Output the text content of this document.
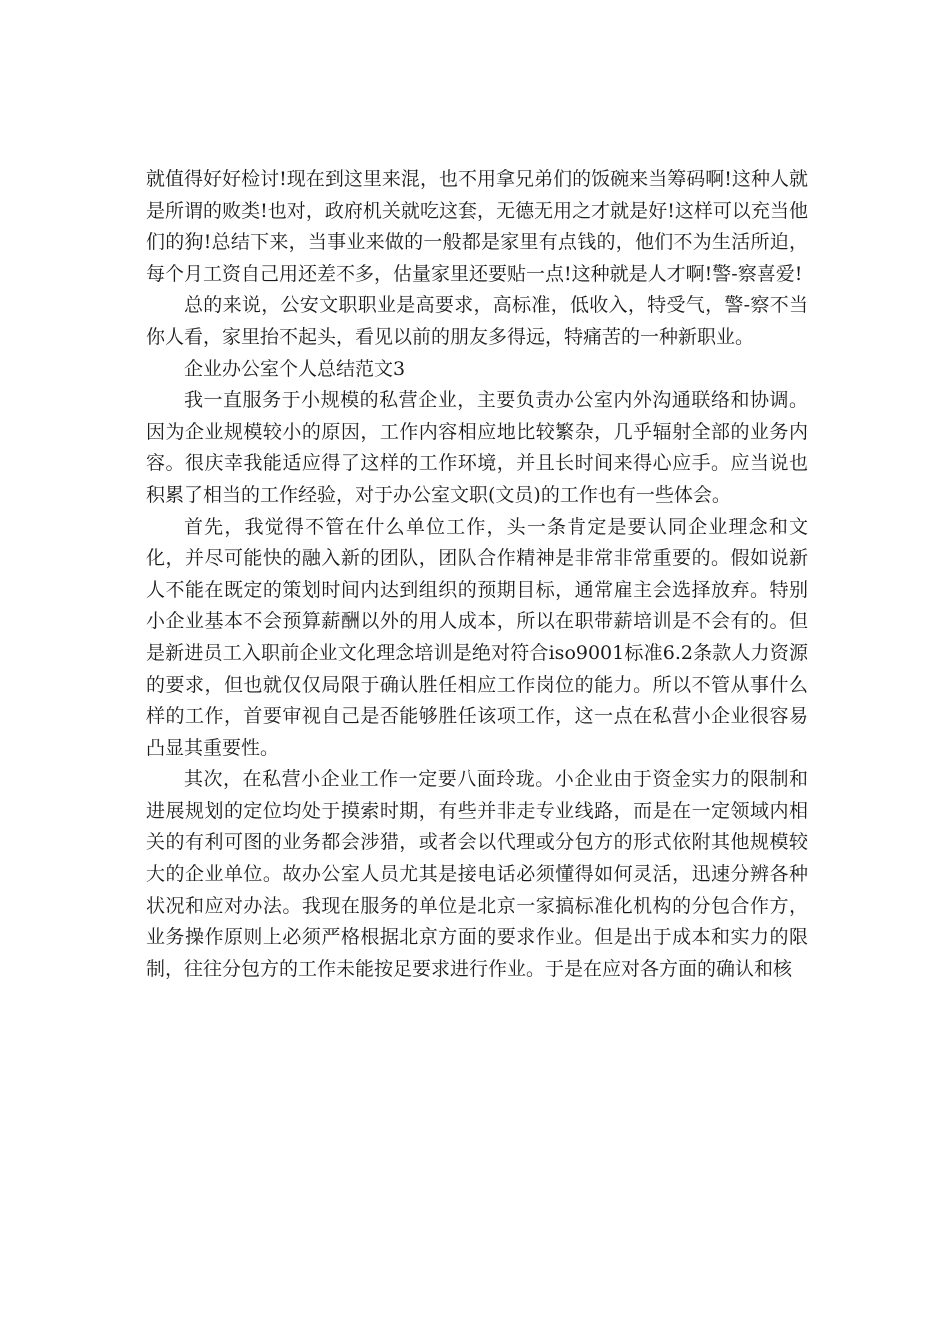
就值得好好检讨!现在到这里来混，也不用拿兄弟们的饭碗来当筹码啊!这种人就是所谓的败类!也对，政府机关就吃这套，无德无用之才就是好!这样可以充当他们的狗!总结下来，当事业来做的一般都是家里有点钱的，他们不为生活所迫，每个月工资自己用还差不多，估量家里还要贴一点!这种就是人才啊!警-察喜爱!

总的来说，公安文职职业是高要求，高标准，低收入，特受气，警-察不当你人看，家里抬不起头，看见以前的朋友多得远，特痛苦的一种新职业。

企业办公室个人总结范文3

我一直服务于小规模的私营企业，主要负责办公室内外沟通联络和协调。因为企业规模较小的原因，工作内容相应地比较繁杂，几乎辐射全部的业务内容。很庆幸我能适应得了这样的工作环境，并且长时间来得心应手。应当说也积累了相当的工作经验，对于办公室文职(文员)的工作也有一些体会。

首先，我觉得不管在什么单位工作，头一条肯定是要认同企业理念和文化，并尽可能快的融入新的团队，团队合作精神是非常非常重要的。假如说新人不能在既定的策划时间内达到组织的预期目标，通常雇主会选择放弃。特别小企业基本不会预算薪酬以外的用人成本，所以在职带薪培训是不会有的。但是新进员工入职前企业文化理念培训是绝对符合iso9001标准6.2条款人力资源的要求，但也就仅仅局限于确认胜任相应工作岗位的能力。所以不管从事什么样的工作，首要审视自己是否能够胜任该项工作，这一点在私营小企业很容易凸显其重要性。

其次，在私营小企业工作一定要八面玲珑。小企业由于资金实力的限制和进展规划的定位均处于摸索时期，有些并非走专业线路，而是在一定领域内相关的有利可图的业务都会涉猎，或者会以代理或分包方的形式依附其他规模较大的企业单位。故办公室人员尤其是接电话必须懂得如何灵活，迅速分辨各种状况和应对办法。我现在服务的单位是北京一家搞标准化机构的分包合作方，业务操作原则上必须严格根据北京方面的要求作业。但是出于成本和实力的限制，往往分包方的工作未能按足要求进行作业。于是在应对各方面的确认和核
